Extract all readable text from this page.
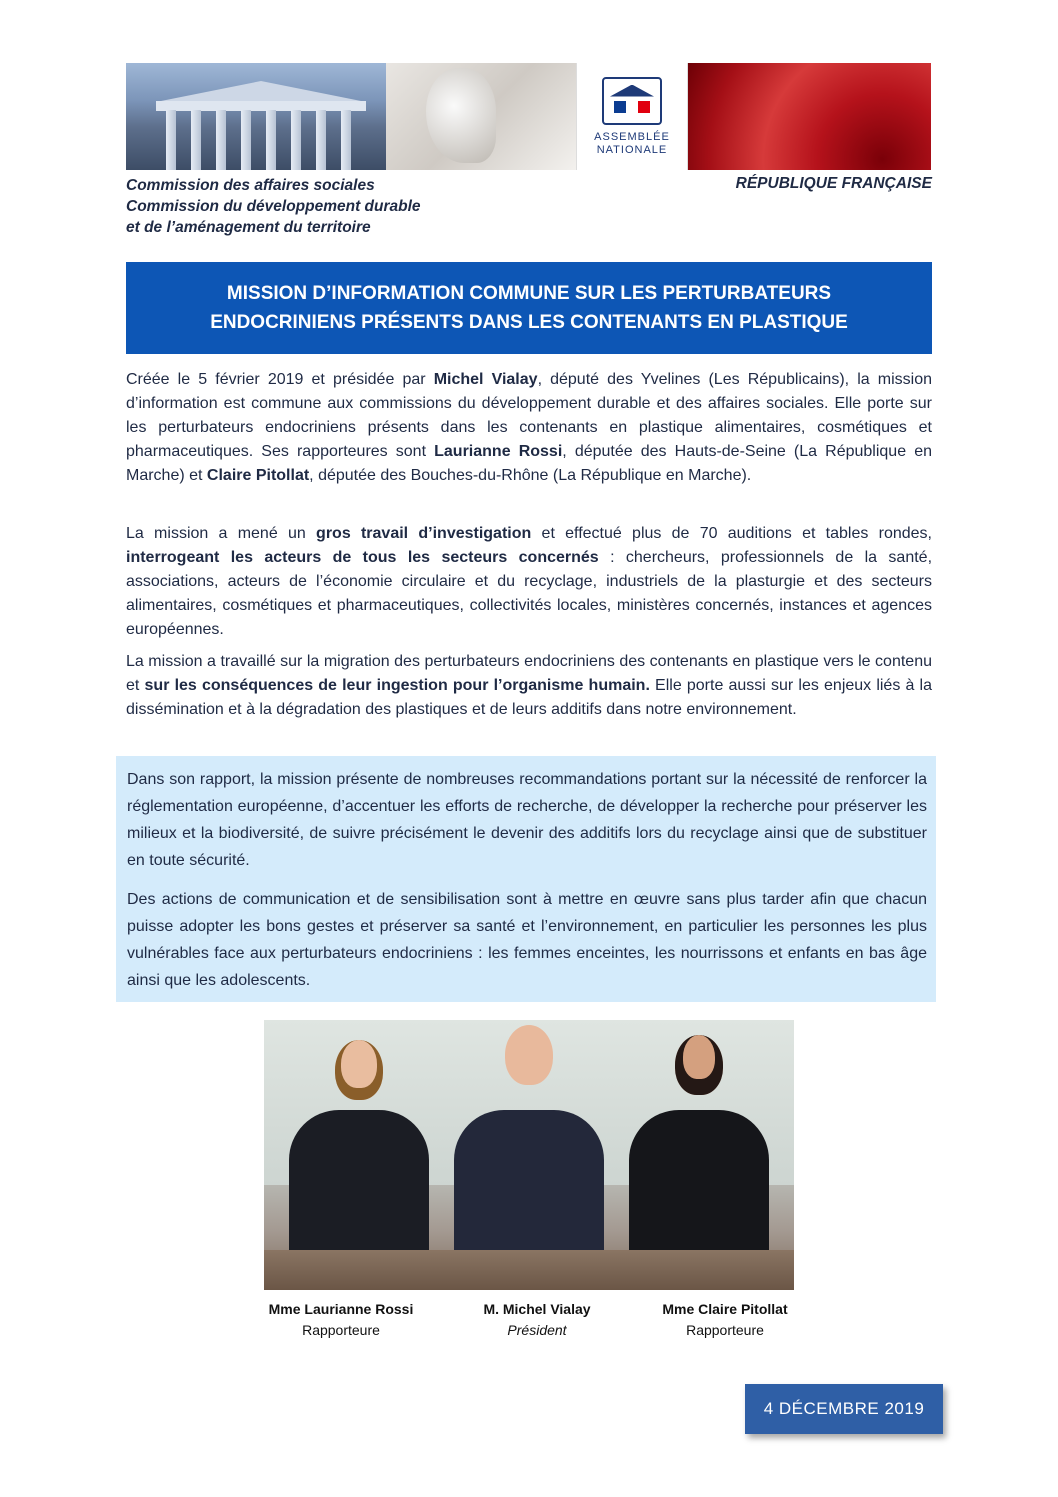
ASSEMBLÉE
NATIONALE
Commission des affaires sociales
Commission du développement durable
et de l’aménagement du territoire
RÉPUBLIQUE FRANÇAISE
MISSION D’INFORMATION COMMUNE SUR LES PERTURBATEURS
ENDOCRINIENS PRÉSENTS DANS LES CONTENANTS EN PLASTIQUE

Créée le 5 février 2019 et présidée par Michel Vialay, député des Yvelines (Les Républicains), la mission d’information est commune aux commissions du développement durable et des affaires sociales. Elle porte sur les perturbateurs endocriniens présents dans les contenants en plastique alimentaires, cosmétiques et pharmaceutiques. Ses rapporteures sont Laurianne Rossi, députée des Hauts-de-Seine (La République en Marche) et Claire Pitollat, députée des Bouches-du-Rhône (La République en Marche).

La mission a mené un gros travail d’investigation et effectué plus de 70 auditions et tables rondes, interrogeant les acteurs de tous les secteurs concernés : chercheurs, professionnels de la santé, associations, acteurs de l’économie circulaire et du recyclage, industriels de la plasturgie et des secteurs alimentaires, cosmétiques et pharmaceutiques, collectivités locales, ministères concernés, instances et agences européennes.

La mission a travaillé sur la migration des perturbateurs endocriniens des contenants en plastique vers le contenu et sur les conséquences de leur ingestion pour l’organisme humain. Elle porte aussi sur les enjeux liés à la dissémination et à la dégradation des plastiques et de leurs additifs dans notre environnement.

Dans son rapport, la mission présente de nombreuses recommandations portant sur la nécessité de renforcer la réglementation européenne, d’accentuer les efforts de recherche, de développer la recherche pour préserver les milieux et la biodiversité, de suivre précisément le devenir des additifs lors du recyclage ainsi que de substituer en toute sécurité.

Des actions de communication et de sensibilisation sont à mettre en œuvre sans plus tarder afin que chacun puisse adopter les bons gestes et préserver sa santé et l’environnement, en particulier les personnes les plus vulnérables face aux perturbateurs endocriniens : les femmes enceintes, les nourrissons et enfants en bas âge ainsi que les adolescents.

Mme Laurianne Rossi
Rapporteure
M. Michel Vialay
Président
Mme Claire Pitollat
Rapporteure
4 DÉCEMBRE 2019
